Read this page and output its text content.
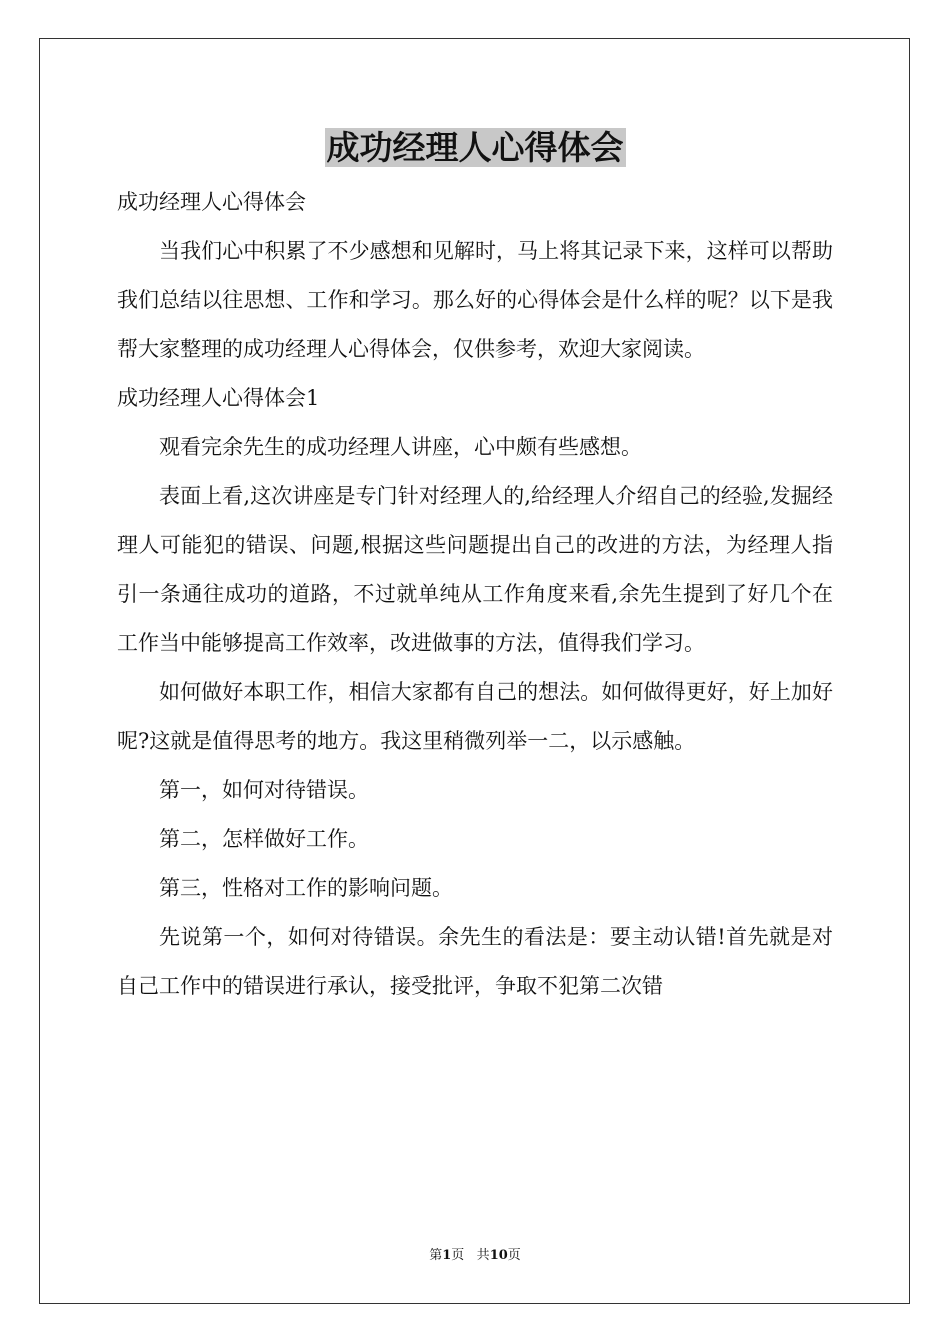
成功经理人心得体会

成功经理人心得体会

当我们心中积累了不少感想和见解时，马上将其记录下来，这样可以帮助我们总结以往思想、工作和学习。那么好的心得体会是什么样的呢？以下是我帮大家整理的成功经理人心得体会，仅供参考，欢迎大家阅读。

成功经理人心得体会1

观看完余先生的成功经理人讲座，心中颇有些感想。

表面上看,这次讲座是专门针对经理人的,给经理人介绍自己的经验,发掘经理人可能犯的错误、问题,根据这些问题提出自己的改进的方法，为经理人指引一条通往成功的道路，不过就单纯从工作角度来看,余先生提到了好几个在工作当中能够提高工作效率，改进做事的方法，值得我们学习。

如何做好本职工作，相信大家都有自己的想法。如何做得更好，好上加好呢?这就是值得思考的地方。我这里稍微列举一二，以示感触。

第一，如何对待错误。

第二，怎样做好工作。

第三，性格对工作的影响问题。

先说第一个，如何对待错误。余先生的看法是：要主动认错!首先就是对自己工作中的错误进行承认，接受批评，争取不犯第二次错

第1页 共10页
